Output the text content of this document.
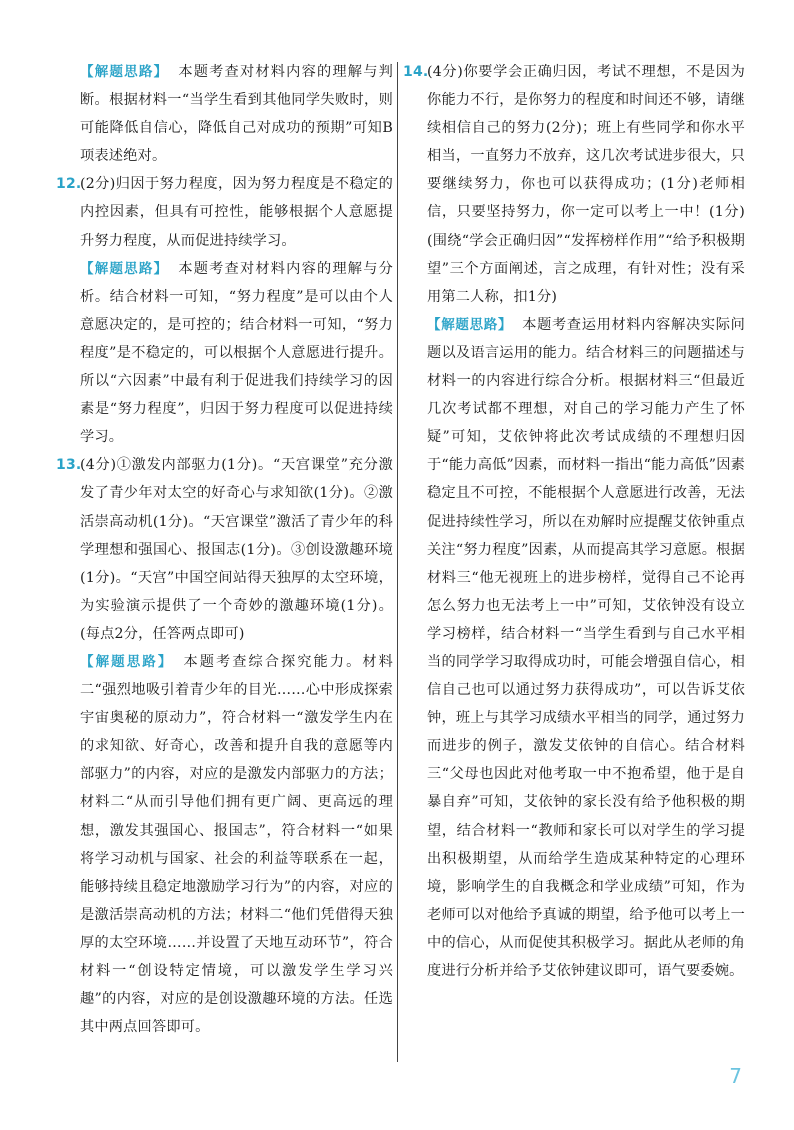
【解题思路】 本题考查对材料内容的理解与判断。根据材料一“当学生看到其他同学失败时，则可能降低自信心，降低自己对成功的预期”可知B项表述绝对。

12.(2分)归因于努力程度，因为努力程度是不稳定的内控因素，但具有可控性，能够根据个人意愿提升努力程度，从而促进持续学习。

【解题思路】 本题考查对材料内容的理解与分析。结合材料一可知，“努力程度”是可以由个人意愿决定的，是可控的；结合材料一可知，“努力程度”是不稳定的，可以根据个人意愿进行提升。所以“六因素”中最有利于促进我们持续学习的因素是“努力程度”，归因于努力程度可以促进持续学习。

13.(4分)①激发内部驱力(1分)。“天宫课堂”充分激发了青少年对太空的好奇心与求知欲(1分)。②激活崇高动机(1分)。“天宫课堂”激活了青少年的科学理想和强国心、报国志(1分)。③创设激趣环境(1分)。“天宫”中国空间站得天独厚的太空环境，为实验演示提供了一个奇妙的激趣环境(1分)。(每点2分，任答两点即可)

【解题思路】 本题考查综合探究能力。材料二“强烈地吸引着青少年的目光……心中形成探索宇宙奥秘的原动力”，符合材料一“激发学生内在的求知欲、好奇心，改善和提升自我的意愿等内部驱力”的内容，对应的是激发内部驱力的方法；材料二“从而引导他们拥有更广阔、更高远的理想，激发其强国心、报国志”，符合材料一“如果将学习动机与国家、社会的利益等联系在一起，能够持续且稳定地激励学习行为”的内容，对应的是激活崇高动机的方法；材料二“他们凭借得天独厚的太空环境……并设置了天地互动环节”，符合材料一“创设特定情境，可以激发学生学习兴趣”的内容，对应的是创设激趣环境的方法。任选其中两点回答即可。

14.(4分)你要学会正确归因，考试不理想，不是因为你能力不行，是你努力的程度和时间还不够，请继续相信自己的努力(2分)；班上有些同学和你水平相当，一直努力不放弃，这几次考试进步很大，只要继续努力，你也可以获得成功；(1分)老师相信，只要坚持努力，你一定可以考上一中！(1分)(围绕“学会正确归因”“发挥榜样作用”“给予积极期望”三个方面阐述，言之成理，有针对性；没有采用第二人称，扣1分)

【解题思路】 本题考查运用材料内容解决实际问题以及语言运用的能力。结合材料三的问题描述与材料一的内容进行综合分析。根据材料三“但最近几次考试都不理想，对自己的学习能力产生了怀疑”可知，艾依钟将此次考试成绩的不理想归因于“能力高低”因素，而材料一指出“能力高低”因素稳定且不可控，不能根据个人意愿进行改善，无法促进持续性学习，所以在劝解时应提醒艾依钟重点关注“努力程度”因素，从而提高其学习意愿。根据材料三“他无视班上的进步榜样，觉得自己不论再怎么努力也无法考上一中”可知，艾依钟没有设立学习榜样，结合材料一“当学生看到与自己水平相当的同学学习取得成功时，可能会增强自信心，相信自己也可以通过努力获得成功”，可以告诉艾依钟，班上与其学习成绩水平相当的同学，通过努力而进步的例子，激发艾依钟的自信心。结合材料三“父母也因此对他考取一中不抱希望，他于是自暴自弃”可知，艾依钟的家长没有给予他积极的期望，结合材料一“教师和家长可以对学生的学习提出积极期望，从而给学生造成某种特定的心理环境，影响学生的自我概念和学业成绩”可知，作为老师可以对他给予真诚的期望，给予他可以考上一中的信心，从而促使其积极学习。据此从老师的角度进行分析并给予艾依钟建议即可，语气要委婉。

7
